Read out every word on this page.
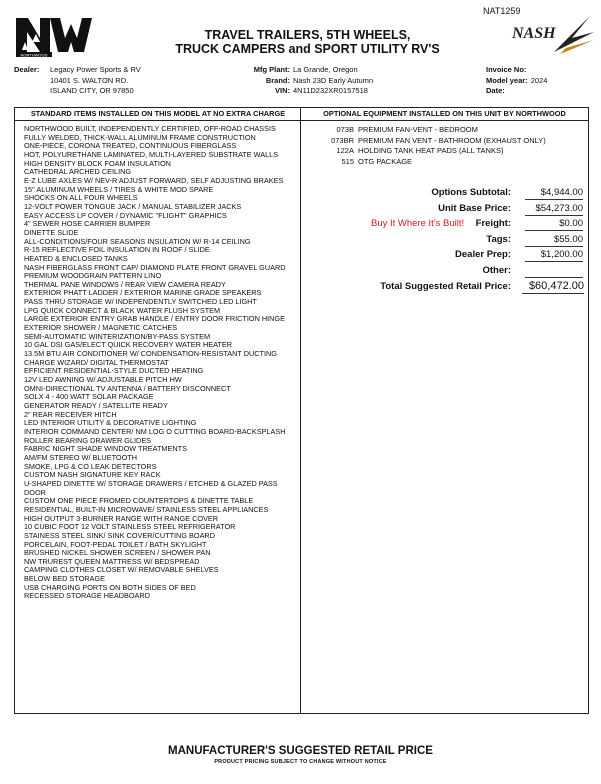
NORTHWOOD
NAT1259
NASH
TRAVEL TRAILERS, 5TH WHEELS,
TRUCK CAMPERS and SPORT UTILITY RV'S
Dealer: Legacy Power Sports & RV
10401 S. WALTON RD.
ISLAND CITY, OR 97850
Mfg Plant: La Grande, Oregon
Brand: Nash 23D Early Autumn
VIN: 4N11D232XR0157518
Invoice No:
Model year: 2024
Date:
STANDARD ITEMS INSTALLED ON THIS MODEL AT NO EXTRA CHARGE	OPTIONAL EQUIPMENT INSTALLED ON THIS UNIT BY NORTHWOOD
NORTHWOOD BUILT, INDEPENDENTLY CERTIFIED, OFF-ROAD CHASSIS
FULLY WELDED, THICK-WALL ALUMINUM FRAME CONSTRUCTION
ONE-PIECE, CORONA TREATED, CONTINUOUS FIBERGLASS
HOT, POLYURETHANE LAMINATED, MULTI-LAYERED SUBSTRATE WALLS
HIGH DENSITY BLOCK FOAM INSULATION
CATHEDRAL ARCHED CEILING
E-Z LUBE AXLES W/ NEV-R ADJUST FORWARD, SELF ADJUSTING BRAKES
15" ALUMINUM WHEELS / TIRES & WHITE MOD SPARE
SHOCKS ON ALL FOUR WHEELS
12-VOLT POWER TONGUE JACK / MANUAL STABILIZER JACKS
EASY ACCESS LP COVER / DYNAMIC "FLIGHT" GRAPHICS
4" SEWER HOSE CARRIER BUMPER
DINETTE SLIDE
ALL-CONDITIONS/FOUR SEASONS INSULATION W/ R-14 CEILING
R-15 REFLECTIVE FOIL INSULATION IN ROOF / SLIDE
HEATED & ENCLOSED TANKS
NASH FIBERGLASS FRONT CAP/ DIAMOND PLATE FRONT GRAVEL GUARD
PREMIUM WOODGRAIN PATTERN LINO
THERMAL PANE WINDOWS / REAR VIEW CAMERA READY
EXTERIOR PHATT LADDER / EXTERIOR MARINE GRADE SPEAKERS
PASS THRU STORAGE W/ INDEPENDENTLY SWITCHED LED LIGHT
LPG QUICK CONNECT & BLACK WATER FLUSH SYSTEM
LARGE EXTERIOR ENTRY GRAB HANDLE / ENTRY DOOR FRICTION HINGE
EXTERIOR SHOWER / MAGNETIC CATCHES
SEMI-AUTOMATIC WINTERIZATION/BY-PASS SYSTEM
10 GAL DSI GAS/ELECT QUICK RECOVERY WATER HEATER
13.5M BTU AIR CONDITIONER W/ CONDENSATION-RESISTANT DUCTING
CHARGE WIZARD/ DIGITAL THERMOSTAT
EFFICIENT RESIDENTIAL-STYLE DUCTED HEATING
12V LED AWNING W/ ADJUSTABLE PITCH HW
OMNI-DIRECTIONAL TV ANTENNA / BATTERY DISCONNECT
SOLX 4 - 400 WATT SOLAR PACKAGE
GENERATOR READY / SATELLITE READY
2" REAR RECEIVER HITCH
LED INTERIOR UTILITY & DECORATIVE LIGHTING
INTERIOR COMMAND CENTER/ NM LOG O CUTTING BOARD-BACKSPLASH
ROLLER BEARING DRAWER GLIDES
FABRIC NIGHT SHADE WINDOW TREATMENTS
AM/FM STEREO W/ BLUETOOTH
SMOKE, LPG & CO LEAK DETECTORS
CUSTOM NASH SIGNATURE KEY RACK
U-SHAPED DINETTE W/ STORAGE DRAWERS / ETCHED & GLAZED PASS DOOR
CUSTOM ONE PIECE FROMED COUNTERTOPS & DINETTE TABLE
RESIDENTIAL, BUILT-IN MICROWAVE/ STAINLESS STEEL APPLIANCES
HIGH OUTPUT 3-BURNER RANGE WITH RANGE COVER
10 CUBIC FOOT 12 VOLT STAINLESS STEEL REFRIGERATOR
STAINESS STEEL SINK/ SINK COVER/CUTTING BOARD
PORCELAIN, FOOT-PEDAL TOILET / BATH SKYLIGHT
BRUSHED NICKEL SHOWER SCREEN / SHOWER PAN
NW TRUREST QUEEN MATTRESS W/ BEDSPREAD
CAMPING CLOTHES CLOSET W/ REMOVABLE SHELVES
BELOW BED STORAGE
USB CHARGING PORTS ON BOTH SIDES OF BED
RECESSED STORAGE HEADBOARD
073B PREMIUM FAN-VENT - BEDROOM
073BR PREMIUM FAN VENT - BATHROOM (EXHAUST ONLY)
122A HOLDING TANK HEAT PADS (ALL TANKS)
515 OTG PACKAGE
Options Subtotal:	$4,944.00
Unit Base Price:	$54,273.00
Buy It Where It's Built! Freight:	$0.00
Tags:	$55.00
Dealer Prep:	$1,200.00
Other:
Total Suggested Retail Price:	$60,472.00
MANUFACTURER'S SUGGESTED RETAIL PRICE
PRODUCT PRICING SUBJECT TO CHANGE WITHOUT NOTICE
